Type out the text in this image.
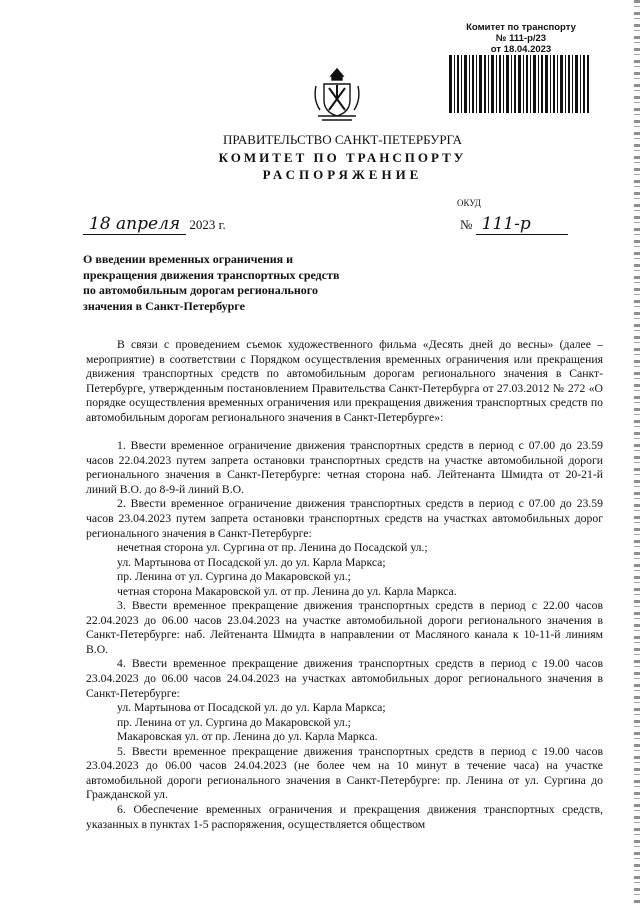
Комитет по транспорту
№ 111-р/23
от 18.04.2023
ПРАВИТЕЛЬСТВО САНКТ-ПЕТЕРБУРГА
КОМИТЕТ ПО ТРАНСПОРТУ
РАСПОРЯЖЕНИЕ
ОКУД
18 апреля 2023 г.	№ 111-р
О введении временных ограничения и прекращения движения транспортных средств по автомобильным дорогам регионального значения в Санкт-Петербурге

В связи с проведением съемок художественного фильма «Десять дней до весны» (далее – мероприятие) в соответствии с Порядком осуществления временных ограничения или прекращения движения транспортных средств по автомобильным дорогам регионального значения в Санкт-Петербурге, утвержденным постановлением Правительства Санкт-Петербурга от 27.03.2012 № 272 «О порядке осуществления временных ограничения или прекращения движения транспортных средств по автомобильным дорогам регионального значения в Санкт-Петербурге»:

1. Ввести временное ограничение движения транспортных средств в период с 07.00 до 23.59 часов 22.04.2023 путем запрета остановки транспортных средств на участке автомобильной дороги регионального значения в Санкт-Петербурге: четная сторона наб. Лейтенанта Шмидта от 20-21-й линий В.О. до 8-9-й линий В.О.

2. Ввести временное ограничение движения транспортных средств в период с 07.00 до 23.59 часов 23.04.2023 путем запрета остановки транспортных средств на участках автомобильных дорог регионального значения в Санкт-Петербурге:

нечетная сторона ул. Сургина от пр. Ленина до Посадской ул.;

ул. Мартынова от Посадской ул. до ул. Карла Маркса;

пр. Ленина от ул. Сургина до Макаровской ул.;

четная сторона Макаровской ул. от пр. Ленина до ул. Карла Маркса.

3. Ввести временное прекращение движения транспортных средств в период с 22.00 часов 22.04.2023 до 06.00 часов 23.04.2023 на участке автомобильной дороги регионального значения в Санкт-Петербурге: наб. Лейтенанта Шмидта в направлении от Масляного канала к 10-11-й линиям В.О.

4. Ввести временное прекращение движения транспортных средств в период с 19.00 часов 23.04.2023 до 06.00 часов 24.04.2023 на участках автомобильных дорог регионального значения в Санкт-Петербурге:

ул. Мартынова от Посадской ул. до ул. Карла Маркса;

пр. Ленина от ул. Сургина до Макаровской ул.;

Макаровская ул. от пр. Ленина до ул. Карла Маркса.

5. Ввести временное прекращение движения транспортных средств в период с 19.00 часов 23.04.2023 до 06.00 часов 24.04.2023 (не более чем на 10 минут в течение часа) на участке автомобильной дороги регионального значения в Санкт-Петербурге: пр. Ленина от ул. Сургина до Гражданской ул.

6. Обеспечение временных ограничения и прекращения движения транспортных средств, указанных в пунктах 1-5 распоряжения, осуществляется обществом
